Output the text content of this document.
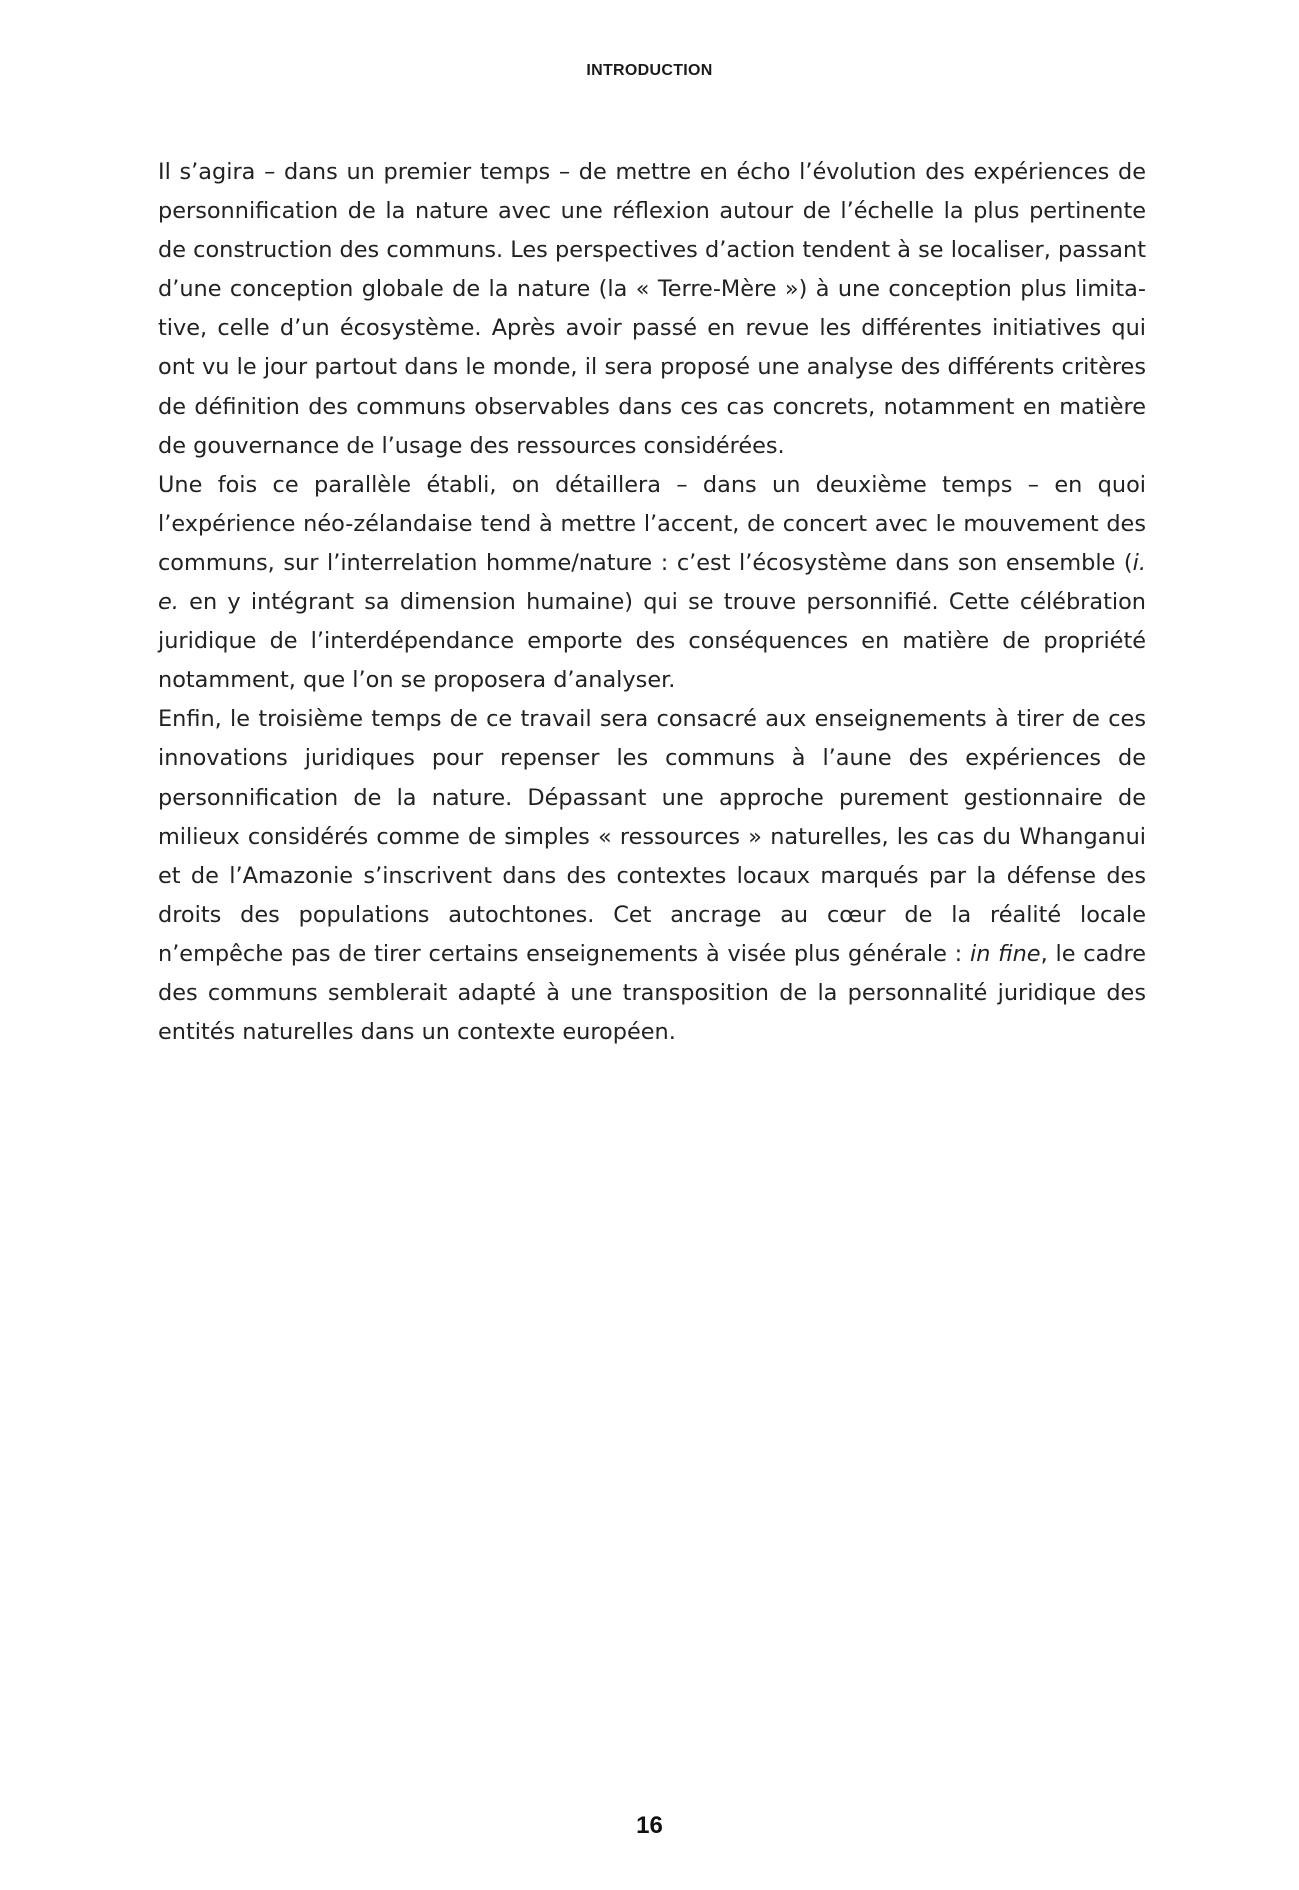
INTRODUCTION

Il s’agira – dans un premier temps – de mettre en écho l’évolution des expériences de personnification de la nature avec une réflexion autour de l’échelle la plus pertinente de construction des communs. Les perspectives d’action tendent à se localiser, passant d’une conception globale de la nature (la « Terre-Mère ») à une conception plus limitative, celle d’un écosystème. Après avoir passé en revue les différentes initiatives qui ont vu le jour partout dans le monde, il sera proposé une analyse des différents critères de définition des communs observables dans ces cas concrets, notamment en matière de gouvernance de l’usage des ressources considérées.

Une fois ce parallèle établi, on détaillera – dans un deuxième temps – en quoi l’expérience néo-zélandaise tend à mettre l’accent, de concert avec le mouvement des communs, sur l’interrelation homme/nature : c’est l’écosystème dans son ensemble (i. e. en y intégrant sa dimension humaine) qui se trouve personnifié. Cette célébration juridique de l’interdépendance emporte des conséquences en matière de propriété notamment, que l’on se proposera d’analyser.

Enfin, le troisième temps de ce travail sera consacré aux enseignements à tirer de ces innovations juridiques pour repenser les communs à l’aune des expériences de personnification de la nature. Dépassant une approche purement gestionnaire de milieux considérés comme de simples « ressources » naturelles, les cas du Whanganui et de l’Amazonie s’inscrivent dans des contextes locaux marqués par la défense des droits des populations autochtones. Cet ancrage au cœur de la réalité locale n’empêche pas de tirer certains enseignements à visée plus générale : in fine, le cadre des communs semblerait adapté à une transposition de la personnalité juridique des entités naturelles dans un contexte européen.

16
